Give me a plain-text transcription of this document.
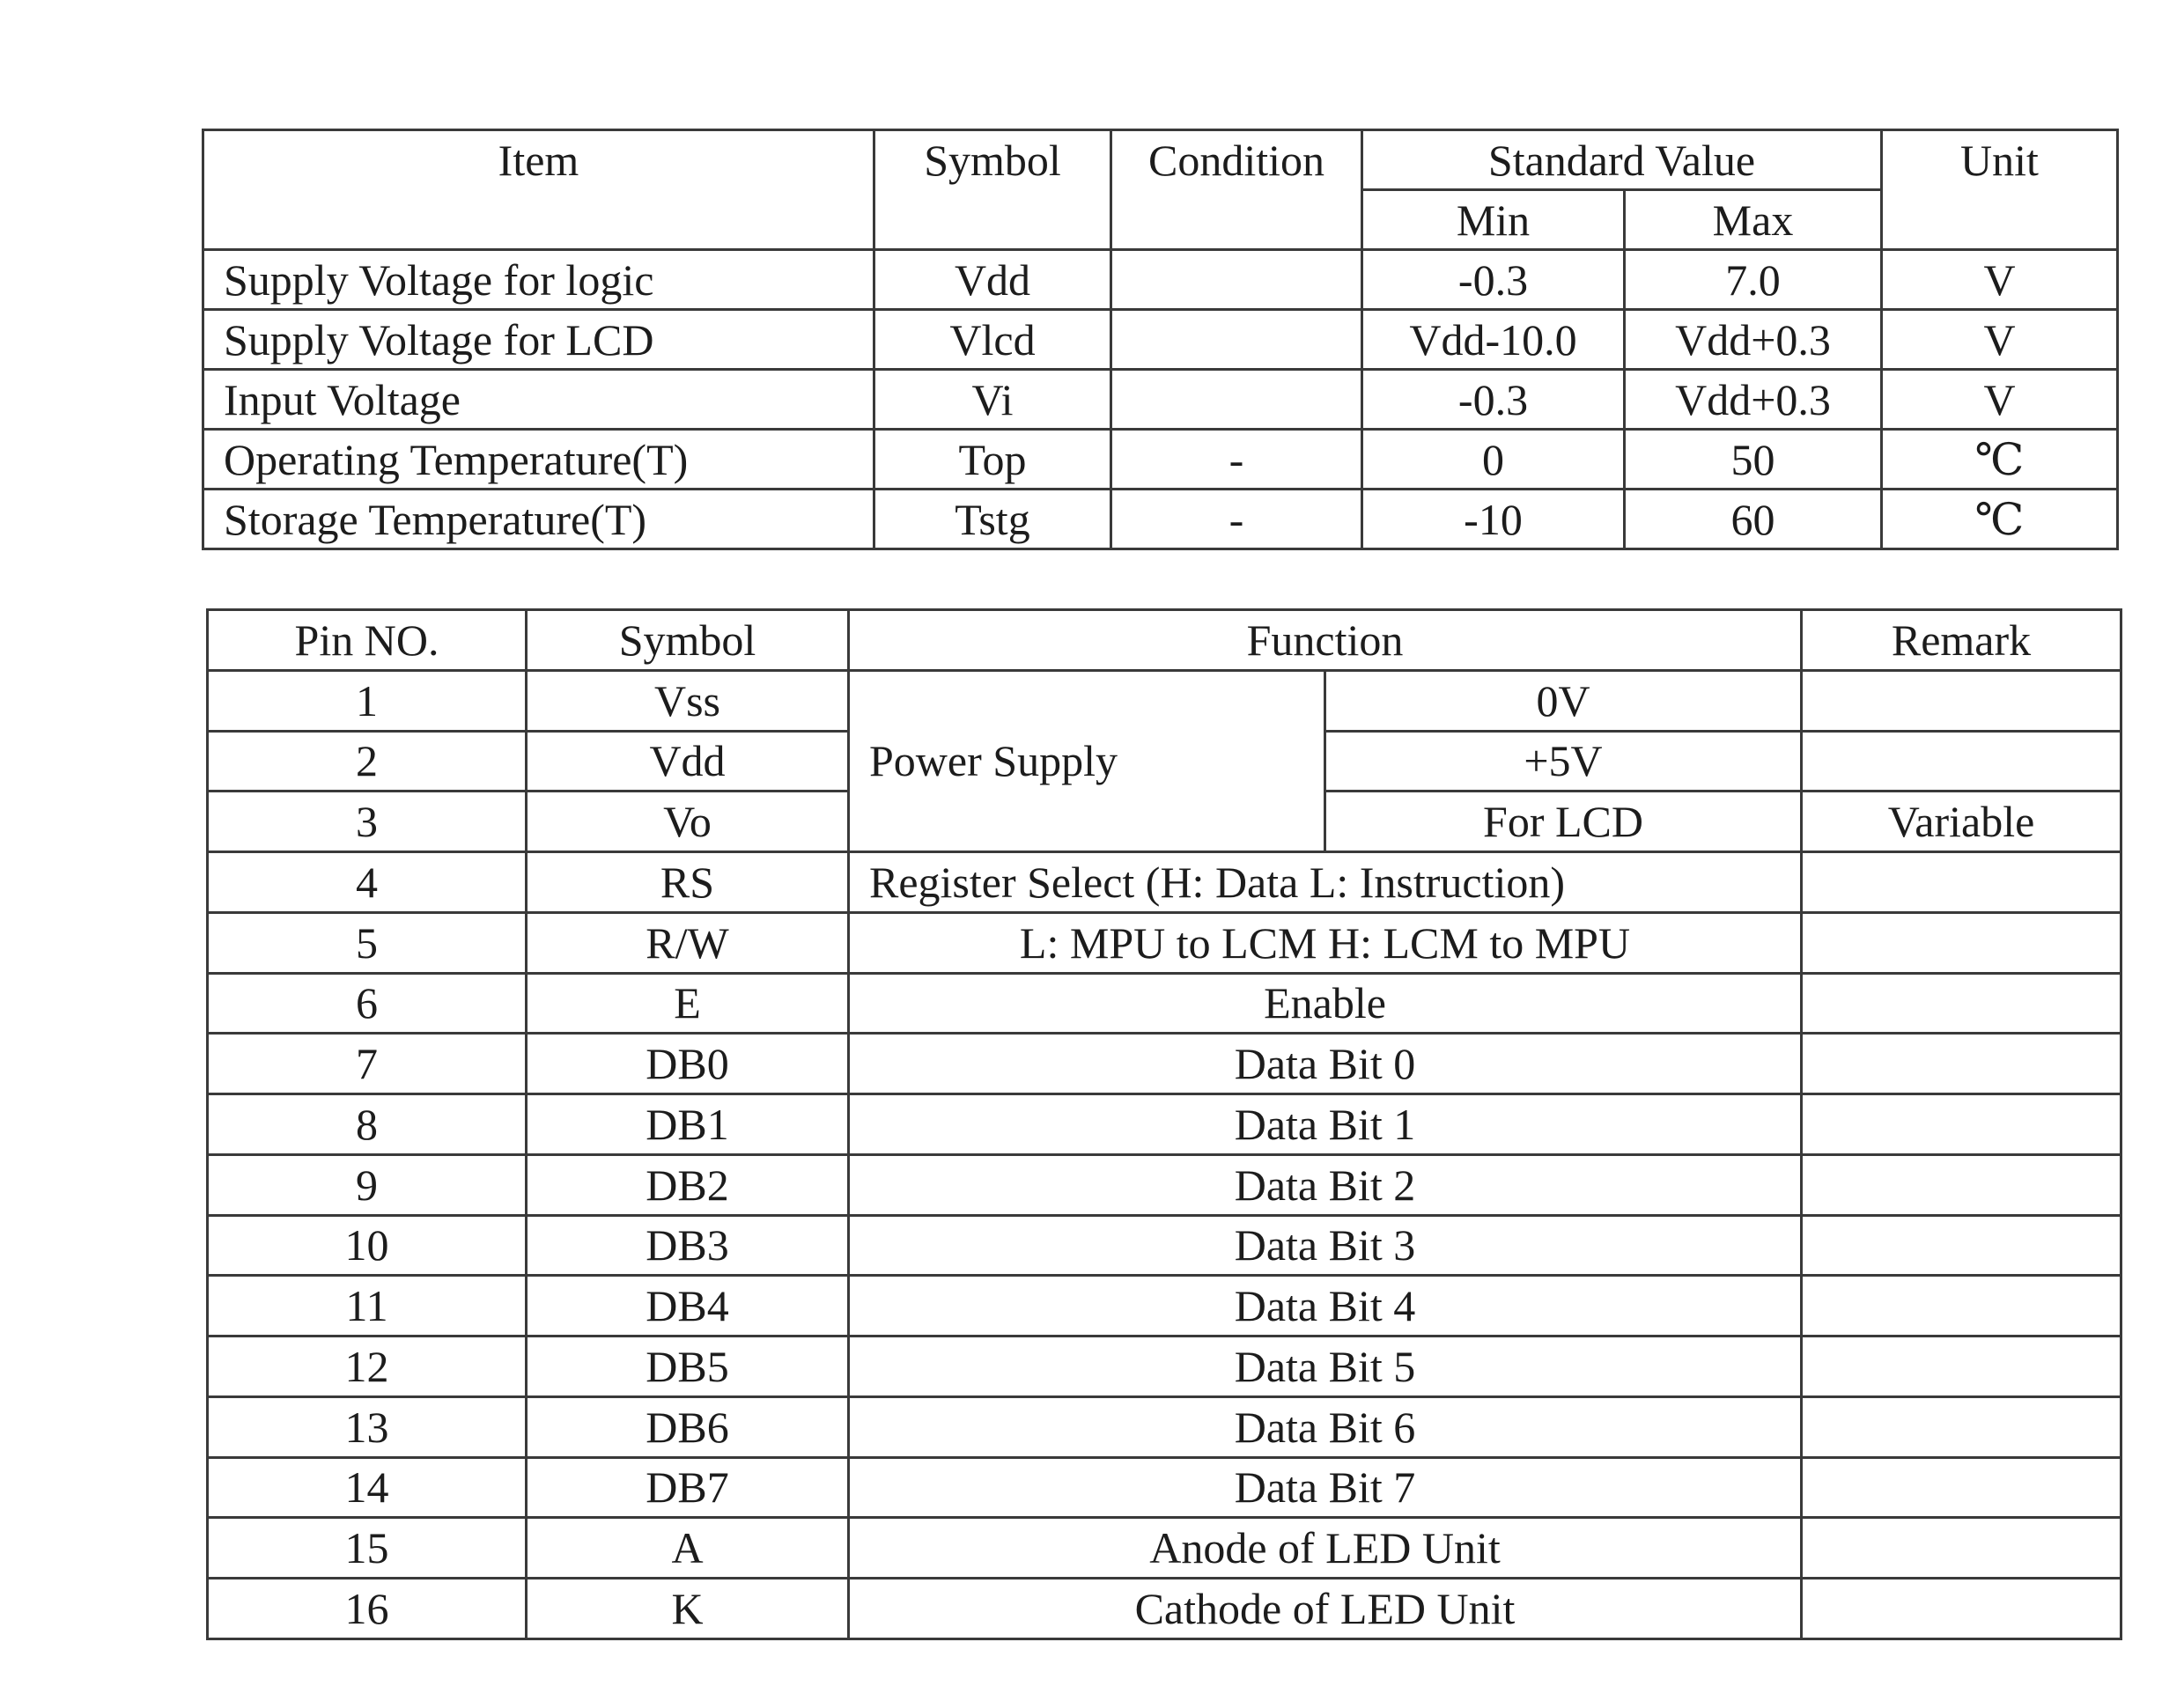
Item	Symbol	Condition	Standard Value		Unit
			Min	Max	
Supply Voltage for logic	Vdd		-0.3	7.0	V
Supply Voltage for LCD	Vlcd		Vdd-10.0	Vdd+0.3	V
Input Voltage	Vi		-0.3	Vdd+0.3	V
Operating Temperature(T)	Top	-	0	50	℃
Storage Temperature(T)	Tstg	-	-10	60	℃
Pin NO.	Symbol	Function		Remark
1	Vss	Power Supply	0V	
2	Vdd		+5V	
3	Vo		For LCD	Variable
4	RS	Register Select (H: Data L: Instruction)		
5	R/W	L: MPU to LCM H: LCM to MPU		
6	E	Enable		
7	DB0	Data Bit 0		
8	DB1	Data Bit 1		
9	DB2	Data Bit 2		
10	DB3	Data Bit 3		
11	DB4	Data Bit 4		
12	DB5	Data Bit 5		
13	DB6	Data Bit 6		
14	DB7	Data Bit 7		
15	A	Anode of LED Unit		
16	K	Cathode of LED Unit		
